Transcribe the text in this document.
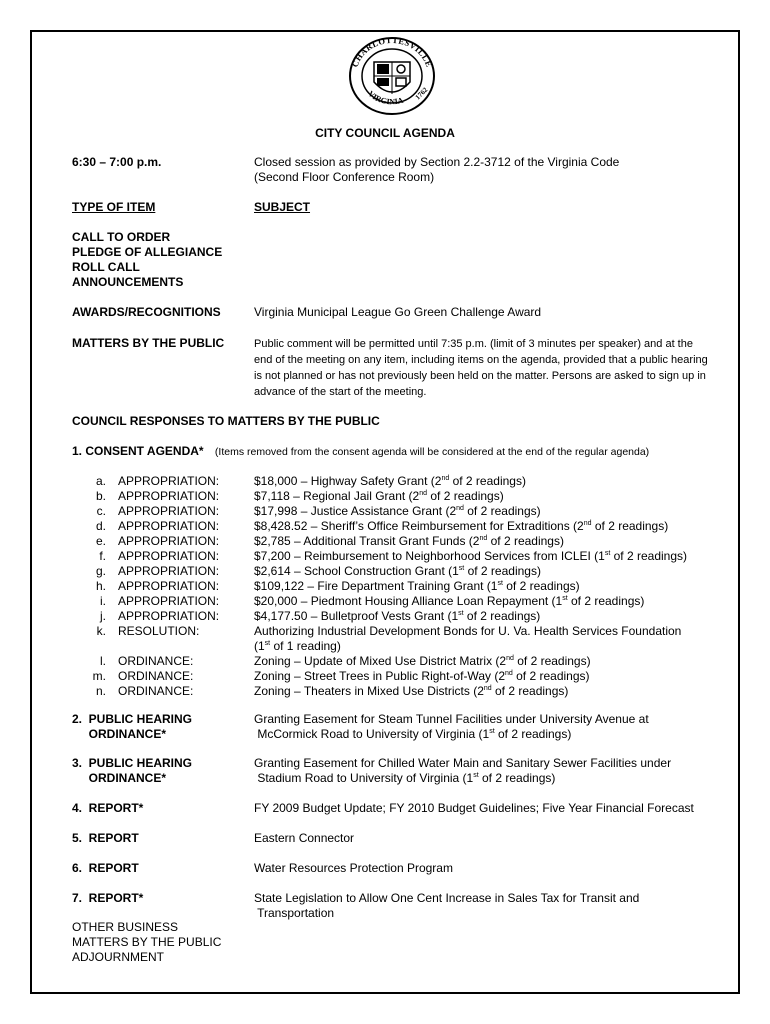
CHARLOTTESVILLE
VIRGINIA 1762
CITY COUNCIL AGENDA
6:30 – 7:00 p.m.	Closed session as provided by Section 2.2-3712 of the Virginia Code
(Second Floor Conference Room)
TYPE OF ITEM	SUBJECT
CALL TO ORDER
PLEDGE OF ALLEGIANCE
ROLL CALL
ANNOUNCEMENTS
AWARDS/RECOGNITIONS	Virginia Municipal League Go Green Challenge Award
MATTERS BY THE PUBLIC	Public comment will be permitted until 7:35 p.m. (limit of 3 minutes per speaker) and at the
end of the meeting on any item, including items on the agenda, provided that a public hearing
is not planned or has not previously been held on the matter. Persons are asked to sign up in
advance of the start of the meeting.
COUNCIL RESPONSES TO MATTERS BY THE PUBLIC
1. CONSENT AGENDA* (Items removed from the consent agenda will be considered at the end of the regular agenda)
a. APPROPRIATION:	$18,000 – Highway Safety Grant (2nd of 2 readings)
b. APPROPRIATION:	$7,118 – Regional Jail Grant (2nd of 2 readings)
c. APPROPRIATION:	$17,998 – Justice Assistance Grant (2nd of 2 readings)
d. APPROPRIATION:	$8,428.52 – Sheriff’s Office Reimbursement for Extraditions (2nd of 2 readings)
e. APPROPRIATION:	$2,785 – Additional Transit Grant Funds (2nd of 2 readings)
f. APPROPRIATION:	$7,200 – Reimbursement to Neighborhood Services from ICLEI (1st of 2 readings)
g. APPROPRIATION:	$2,614 – School Construction Grant (1st of 2 readings)
h. APPROPRIATION:	$109,122 – Fire Department Training Grant (1st of 2 readings)
i. APPROPRIATION:	$20,000 – Piedmont Housing Alliance Loan Repayment (1st of 2 readings)
j. APPROPRIATION:	$4,177.50 – Bulletproof Vests Grant (1st of 2 readings)
k. RESOLUTION:	Authorizing Industrial Development Bonds for U. Va. Health Services Foundation
(1st of 1 reading)
l. ORDINANCE:	Zoning – Update of Mixed Use District Matrix (2nd of 2 readings)
m. ORDINANCE:	Zoning – Street Trees in Public Right-of-Way (2nd of 2 readings)
n. ORDINANCE:	Zoning – Theaters in Mixed Use Districts (2nd of 2 readings)
2.  PUBLIC HEARING
ORDINANCE*
Granting Easement for Steam Tunnel Facilities under University Avenue at
McCormick Road to University of Virginia (1st of 2 readings)
3.  PUBLIC HEARING
ORDINANCE*
Granting Easement for Chilled Water Main and Sanitary Sewer Facilities under
Stadium Road to University of Virginia (1st of 2 readings)
4.  REPORT*	FY 2009 Budget Update; FY 2010 Budget Guidelines; Five Year Financial Forecast
5.  REPORT	Eastern Connector
6.  REPORT	Water Resources Protection Program
7.  REPORT*	State Legislation to Allow One Cent Increase in Sales Tax for Transit and
Transportation
OTHER BUSINESS
MATTERS BY THE PUBLIC
ADJOURNMENT
